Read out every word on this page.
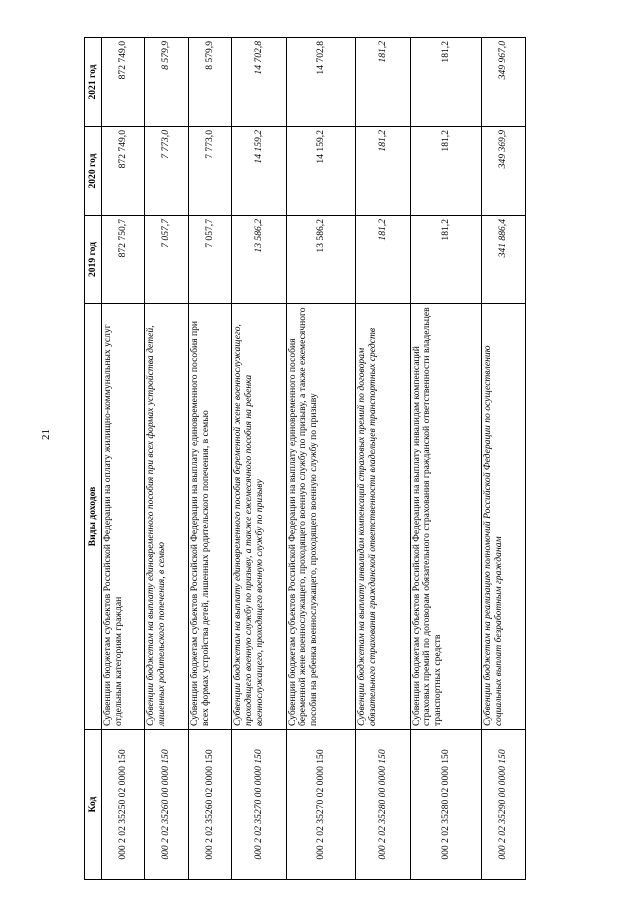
21
Код	Виды доходов	2019 год	2020 год	2021 год
000 2 02 35250 02 0000 150	Субвенции бюджетам субъектов Российской Федерации на оплату жилищно-коммунальных услуг отдельным категориям граждан	872 750,7	872 749,0	872 749,0
000 2 02 35260 00 0000 150	Субвенции бюджетам на выплату единовременного пособия при всех формах устройства детей, лишенных родительского попечения, в семью	7 057,7	7 773,0	8 579,9
000 2 02 35260 02 0000 150	Субвенции бюджетам субъектов Российской Федерации на выплату единовременного пособия при всех формах устройства детей, лишенных родительского попечения, в семью	7 057,7	7 773,0	8 579,9
000 2 02 35270 00 0000 150	Субвенции бюджетам на выплату единовременного пособия беременной жене военнослужащего, проходящего военную службу по призыву, а также ежемесячного пособия на ребенка военнослужащего, проходящего военную службу по призыву	13 586,2	14 159,2	14 702,8
000 2 02 35270 02 0000 150	Субвенции бюджетам субъектов Российской Федерации на выплату единовременного пособия беременной жене военнослужащего, проходящего военную службу по призыву, а также ежемесячного пособия на ребенка военнослужащего, проходящего военную службу по призыву	13 586,2	14 159,2	14 702,8
000 2 02 35280 00 0000 150	Субвенции бюджетам на выплату инвалидам компенсаций страховых премий по договорам обязательного страхования гражданской ответственности владельцев транспортных средств	181,2	181,2	181,2
000 2 02 35280 02 0000 150	Субвенции бюджетам субъектов Российской Федерации на выплату инвалидам компенсаций страховых премий по договорам обязательного страхования гражданской ответственности владельцев транспортных средств	181,2	181,2	181,2
000 2 02 35290 00 0000 150	Субвенции бюджетам на реализацию полномочий Российской Федерации по осуществлению социальных выплат безработным гражданам	341 886,4	349 369,9	349 967,0
